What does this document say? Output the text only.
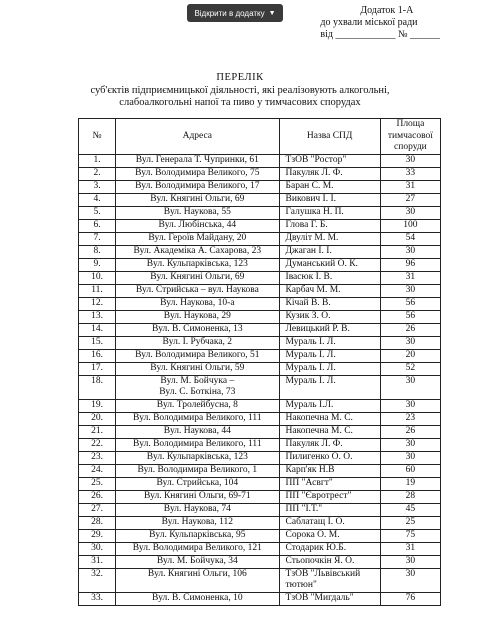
Відкрити в додатку ▼	Додаток 1-А
до ухвали міської ради
від ____________ № ______
ПЕРЕЛІК
суб'єктів підприємницької діяльності, які реалізовують алкогольні,
слабоалкогольні напої та пиво у тимчасових спорудах
№	Адреса	Назва СПД	Площа тимчасової споруди

1.	Вул. Генерала Т. Чупринки, 61	ТзОВ "Ростор"	30

2.	Вул. Володимира Великого, 75	Пакуляк Л. Ф.	33

3.	Вул. Володимира Великого, 17	Баран С. М.	31

4.	Вул. Княгині Ольги, 69	Викович І. І.	27

5.	Вул. Наукова, 55	Галушка Н. П.	30

6.	Вул. Любінська, 44	Глова Г. Б.	100

7.	Вул. Героїв Майдану, 20	Двуліт М. М.	54

8.	Вул. Академіка А. Сахарова, 23	Джаган І. І.	30

9.	Вул. Кульпарківська, 123	Думанський О. К.	96

10.	Вул. Княгині Ольги, 69	Івасюк І. В.	31

11.	Вул. Стрийська – вул. Наукова	Карбач М. М.	30

12.	Вул. Наукова, 10-а	Кічай В. В.	56

13.	Вул. Наукова, 29	Кузик З. О.	56

14.	Вул. В. Симоненка, 13	Левицький Р. В.	26

15.	Вул. І. Рубчака, 2	Мураль І. Л.	30

16.	Вул. Володимира Великого, 51	Мураль І. Л.	20

17.	Вул. Княгині Ольги, 59	Мураль І. Л.	52

18.	Вул. М. Бойчука –
Вул. С. Боткіна, 73	Мураль І. Л.	30

19.	Вул. Тролейбусна, 8	Мураль І.Л.	30

20.	Вул. Володимира Великого, 111	Накопечна М. С.	23

21.	Вул. Наукова, 44	Накопечна М. С.	26

22.	Вул. Володимира Великого, 111	Пакуляк Л. Ф.	30

23.	Вул. Кульпарківська, 123	Пилигенко О. О.	30

24.	Вул. Володимира Великого, 1	Карп'як Н.В	60

25.	Вул. Стрийська, 104	ПП "Асвгт"	19

26.	Вул. Княгині Ольги, 69-71	ПП "Євротрест"	28

27.	Вул. Наукова, 74	ПП "І.Т."	45

28.	Вул. Наукова, 112	Саблатащ І. О.	25

29.	Вул. Кульпарківська, 95	Сорока О. М.	75

30.	Вул. Володимира Великого, 121	Стодарик Ю.Б.	31

31.	Вул. М. Бойчука, 34	Стьопочкін Я. О.	30

32.	Вул. Княгині Ольги, 106	ТзОВ "Львівський
тютюн"	30

33.	Вул. В. Симоненка, 10	ТзОВ "Мигдаль"	76
